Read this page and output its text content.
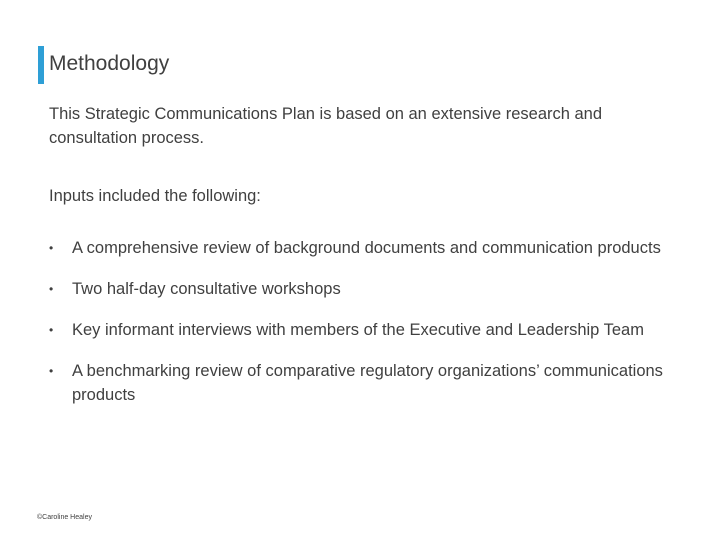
Methodology
This Strategic Communications Plan is based on an extensive research and consultation process.
Inputs included the following:
• A comprehensive review of background documents and communication products
• Two half-day consultative workshops
• Key informant interviews with members of the Executive and Leadership Team
• A benchmarking review of comparative regulatory organizations’ communications products
©Caroline Healey
